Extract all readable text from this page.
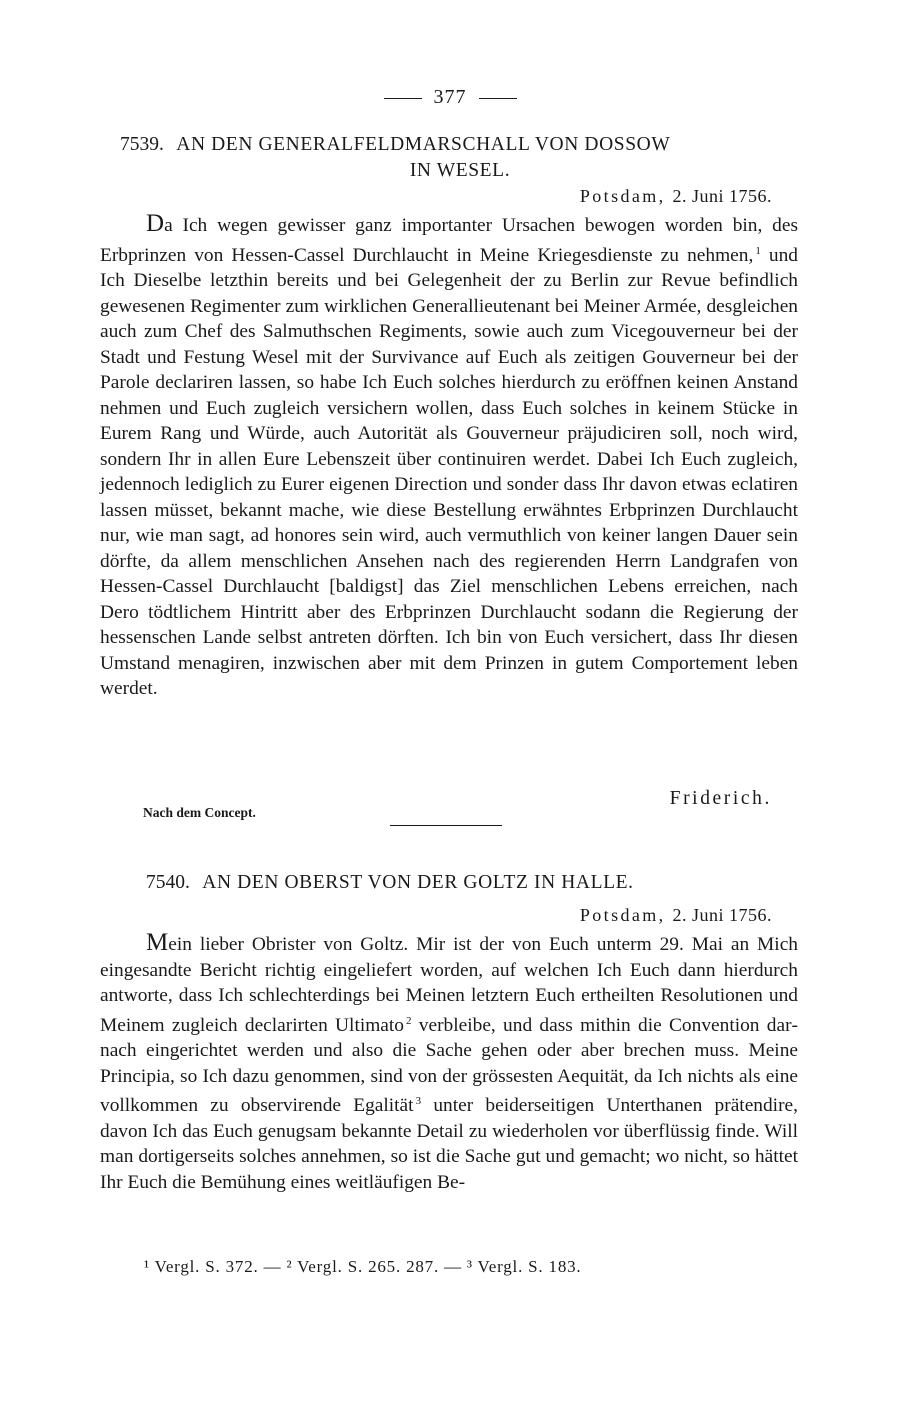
377
7539. AN DEN GENERALFELDMARSCHALL VON DOSSOW
IN WESEL.
Potsdam, 2. Juni 1756.

Da Ich wegen gewisser ganz importanter Ursachen bewogen worden bin, des Erbprinzen von Hessen-Cassel Durchlaucht in Meine Kriegesdienste zu nehmen, $^1$ und Ich Dieselbe letzthin bereits und bei Gelegenheit der zu Berlin zur Revue befindlich gewesenen Regimenter zum wirklichen Generallieutenant bei Meiner Armée, desgleichen auch zum Chef des Salmuthschen Regiments, sowie auch zum Vicegouverneur bei der Stadt und Festung Wesel mit der Survivance auf Euch als zeitigen Gouverneur bei der Parole declariren lassen, so habe Ich Euch solches hierdurch zu eröffnen keinen Anstand nehmen und Euch zugleich versichern wollen, dass Euch solches in keinem Stücke in Eurem Rang und Würde, auch Autorität als Gouverneur präjudiciren soll, noch wird, sondern Ihr in allen Eure Lebenszeit über continuiren werdet. Dabei Ich Euch zugleich, jedennoch lediglich zu Eurer eigenen Direction und sonder dass Ihr davon etwas eclatiren lassen müsset, bekannt mache, wie diese Bestellung erwähntes Erbprinzen Durchlaucht nur, wie man sagt, ad honores sein wird, auch vermuthlich von keiner langen Dauer sein dörfte, da allem menschlichen Ansehen nach des regierenden Herrn Landgrafen von Hessen-Cassel Durchlaucht [baldigst] das Ziel menschlichen Lebens erreichen, nach Dero tödtlichem Hintritt aber des Erbprinzen Durchlaucht sodann die Regierung der hessenschen Lande selbst antreten dörften. Ich bin von Euch versichert, dass Ihr diesen Umstand menagiren, inzwischen aber mit dem Prinzen in gutem Comportement leben werdet.

Friderich.
Nach dem Concept.
7540. AN DEN OBERST VON DER GOLTZ IN HALLE.
Potsdam, 2. Juni 1756.

Mein lieber Obrister von Goltz. Mir ist der von Euch unterm 29. Mai an Mich eingesandte Bericht richtig eingeliefert worden, auf welchen Ich Euch dann hierdurch antworte, dass Ich schlechterdings bei Meinen letztern Euch ertheilten Resolutionen und Meinem zugleich declarirten Ultimato $^2$ verbleibe, und dass mithin die Convention darnach eingerichtet werden und also die Sache gehen oder aber brechen muss. Meine Principia, so Ich dazu genommen, sind von der grössesten Aequität, da Ich nichts als eine vollkommen zu observirende Egalität $^3$ unter beiderseitigen Unterthanen prätendire, davon Ich das Euch genugsam bekannte Detail zu wiederholen vor überflüssig finde. Will man dortigerseits solches annehmen, so ist die Sache gut und gemacht; wo nicht, so hättet Ihr Euch die Bemühung eines weitläufigen Be-

¹ Vergl. S. 372. — ² Vergl. S. 265. 287. — ³ Vergl. S. 183.
